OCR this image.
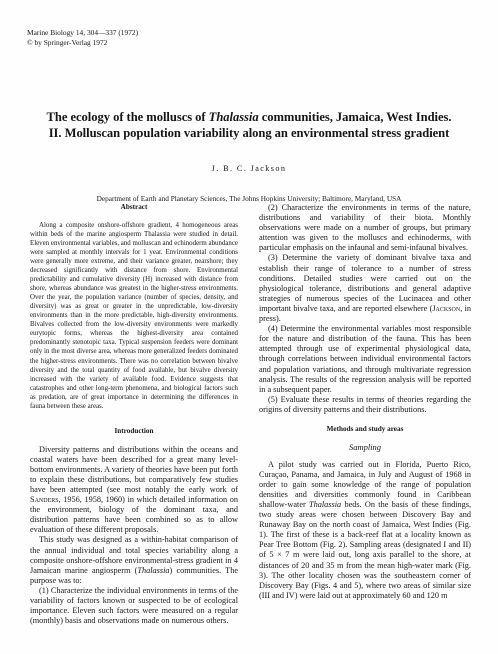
Marine Biology 14, 304—337 (1972)
© by Springer-Verlag 1972
The ecology of the molluscs of Thalassia communities, Jamaica, West Indies.
II. Molluscan population variability along an environmental stress gradient
J. B. C. Jackson
Department of Earth and Planetary Sciences, The Johns Hopkins University; Baltimore, Maryland, USA
Abstract

Along a composite onshore-offshore gradient, 4 homogeneous areas within beds of the marine angiosperm Thalassia were studied in detail. Eleven environmental variables, and molluscan and echinoderm abundance were sampled at monthly intervals for 1 year. Environmental conditions were generally more extreme, and their variance greater, nearshore; they decreased significantly with distance from shore. Environmental predictability and cumulative diversity (H) increased with distance from shore, whereas abundance was greatest in the higher-stress environments. Over the year, the population variance (number of species, density, and diversity) was as great or greater in the unpredictable, low-diversity environments than in the more predictable, high-diversity environments. Bivalves collected from the low-diversity environments were markedly eurytopic forms, whereas the highest-diversity area contained predominantly stenotopic taxa. Typical suspension feeders were dominant only in the most diverse area, whereas more generalized feeders dominated the higher-stress environments. There was no correlation between bivalve diversity and the total quantity of food available, but bivalve diversity increased with the variety of available food. Evidence suggests that catastrophes and other long-term phenomena, and biological factors such as predation, are of great importance in determining the differences in fauna between these areas.

Introduction

Diversity patterns and distributions within the oceans and coastal waters have been described for a great many level-bottom environments. A variety of theories have been put forth to explain these distributions, but comparatively few studies have been attempted (see most notably the early work of Sanders, 1956, 1958, 1960) in which detailed information on the environment, biology of the dominant taxa, and distribution patterns have been combined so as to allow evaluation of these different proposals.

This study was designed as a within-habitat comparison of the annual individual and total species variability along a composite onshore-offshore environmental-stress gradient in 4 Jamaican marine angiosperm (Thalassia) communities. The purpose was to:

(1) Characterize the individual environments in terms of the variability of factors known or suspected to be of ecological importance. Eleven such factors were measured on a regular (monthly) basis and observations made on numerous others.

(2) Characterize the environments in terms of the nature, distributions and variability of their biota. Monthly observations were made on a number of groups, but primary attention was given to the molluscs and echinoderms, with particular emphasis on the infaunal and semi-infaunal bivalves.

(3) Determine the variety of dominant bivalve taxa and establish their range of tolerance to a number of stress conditions. Detailed studies were carried out on the physiological tolerance, distributions and general adaptive strategies of numerous species of the Lucinacea and other important bivalve taxa, and are reported elsewhere (Jackson, in press).

(4) Determine the environmental variables most responsible for the nature and distribution of the fauna. This has been attempted through use of experimental physiological data, through correlations between individual environmental factors and population variations, and through multivariate regression analysis. The results of the regression analysis will be reported in a subsequent paper.

(5) Evaluate these results in terms of theories regarding the origins of diversity patterns and their distributions.

Methods and study areas
Sampling

A pilot study was carried out in Florida, Puerto Rico, Curaçao, Panama, and Jamaica, in July and August of 1968 in order to gain some knowledge of the range of population densities and diversities commonly found in Caribbean shallow-water Thalassia beds. On the basis of these findings, two study areas were chosen between Discovery Bay and Runaway Bay on the north coast of Jamaica, West Indies (Fig. 1). The first of these is a back-reef flat at a locality known as Pear Tree Bottom (Fig. 2). Sampling areas (designated I and II) of 5 × 7 m were laid out, long axis parallel to the shore, at distances of 20 and 35 m from the mean high-water mark (Fig. 3). The other locality chosen was the southeastern corner of Discovery Bay (Figs. 4 and 5), where two areas of similar size (III and IV) were laid out at approximately 60 and 120 m
